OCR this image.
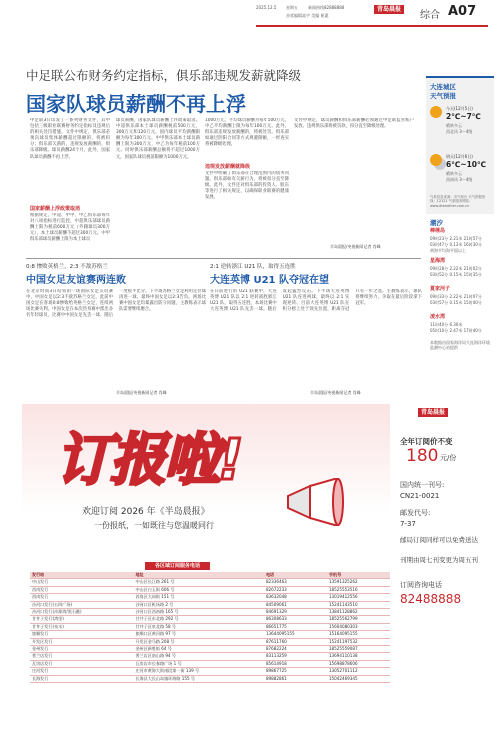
2025.12.5 星期五	新闻热线82888888
首席编辑高宇 美编 崔惠
青岛晨报
综合 A07
中足联公布财务约定指标，俱乐部违规发薪就降级
国家队球员薪酬不再上浮
中足联3日印发了一系列财务文件，其中包括三级职业联赛财务约定指标及违规后的相关处罚措施。文件中规定，俱乐部必须向球员集体薪酬超过限额的，将被扣分；俱乐部欠薪的，违规发放薪酬的，俱乐部降级。球员薪酬24个月，此外，国家队球员薪酬不再上浮。
国家薪酬上浮政策取消
根据规定，中超、中甲、中乙俱乐部每年对八项指标进行监控，中超俱乐部球员薪酬上限为税前600万元（外籍球员300万元），本土球员薪酬不超过300万元。中甲俱乐部球员薪酬上限为本土球员
球员薪酬，国家队球员薪酬上浮政策取消。中超俱乐部本土球员薪酬税前500万元，300万元和120万元。国内球员平均薪酬限额为每年300万元。中甲俱乐部本土球员薪酬上限为300万元，中乙为每年税前100万元。同时俱乐部薪酬总额将不超过1000万元，国家队球员税前限额为1000万元。
1000万元，平均球员薪酬为每年500万元，中乙平均薪酬上限为每年100万元。此外，俱乐部违规发放薪酬的，将被处罚。俱乐部如通过阴阳合同等方式规避限额，一经查实将被降级处理。
违规发放薪酬就降级
文件中明确了俱乐部在合理范围内的债务问题。俱乐部如有欠薪行为，将被扣分直至降级。此外，文件还对俱乐部的投资人、股东等进行了相关规定，以确保职业联赛的健康发展。
文件中规定，球员薪酬和俱乐部薪酬必须通过中足联监管账户发放。违规俱乐部将被罚款、扣分直至降级处理。
半岛晨报/央视新闻记者 肖峰
大连城区
天气预报
今天(12月5日)
2℃~7℃
晴转多云
西北风 3～4级
明天(12月6日)
6℃~10℃
晴转多云
西南风 3～4级
气象信息来源：市气象台 天气预报热线：12121 气象服务网站：www.dlweather.com.cn
潮汐
棒棰岛
09时23分 2.21米 21时57分
03时47分 0.13米 16时30分
黄海平均海平面以上
星海湾
09时28分 2.22米 21时02分
03时52分 0.15米 15时35分
夏家河子
09时33分 2.22米 21时07分
03时57分 0.15米 15时40分
凌水湾
11时40分 6.30米
05时10分 2.47米 17时40分
本数据由国家海洋局大连海洋环境监测中心站提供
0:8 惨败英格兰，2:3 不敌苏格兰
中国女足友谊赛两连败
在北京时间3日结束的一场国际女足友谊赛中，中国女足以2:3不敌苏格兰女足。此前中国女足在客场0:8惨败给英格兰女足，连续两场比赛失利。中国女足在本次热身赛中派出多名年轻球员，比赛中中国女足先丢一球，随后一度扳平比分。下半场苏格兰女足利用定位球再进一球，最终中国女足以2:3告负。两场比赛中国女足均暴露出防守问题，主教练表示球队需要继续磨合。
半岛晨报/央视新闻记者 肖峰
2:1 逆转浙江 U21 队，取得五连胜
大连英博 U21 队夺冠在望
在日前进行的 U21 联赛中，大连英博 U21 队以 2:1 逆转战胜浙江 U21 队，取得五连胜。本场比赛中大连英博 U21 队先丢一球，随后发起猛烈反击。下半场大连英博 U21 队连进两球，最终以 2:1 实现逆转。目前大连英博 U21 队在积分榜上处于领先位置，距离夺冠只有一步之遥。主教练表示，球队将继续努力，争取在最后阶段拿下冠军。
半岛晨报/央视新闻记者 肖峰
订报啦!
欢迎订阅 2026 年《半岛晨报》
一份报纸，一如既往与您温暖同行
各区域订阅服务电话
发行站	地址	电话	手机号
中山发行	中山区长江路 261 号	82336463	13591325262
西岗发行	中山区白玉街 606 号	82672233	18525553516
西岗发行	西岗区大同街 151 号	83632048	13019412556
沙河口发行(五四广场)	沙河口区机场路 2 号	84509061	15241143510
沙河口发行(沙源湾/黑石礁)	沙河口区西南路 165 号	84691329	13841128862
甘井子发行(湾里)	甘井子区东北路 292 号	86308633	18525562799
甘井子发行(泉水)	甘井子区泉北路 58 号	86651775	15604080303
旅顺发行	旅顺口区黄河路 97 号	13644095155	15164095155
开发区发行	开发区金马路 208 号	87611760	15241197532
金州发行	金州区新胜街 64 号	87682224	18525559087
普兰店发行	普兰店区南山路 94 号	83113259	13694110138
瓦房店发行	瓦房店市长春路广场 1 号	85614918	15698878606
庄河发行	庄河市黄海大街南段第一街 139 号	89867725	13052701112
长海发行	长海县大长山岛镇环海路 155 号	89882861	15042469345
青岛晨报
全年订阅价不变
180 元/份
国内统一刊号:
CN21-0021
邮发代号:
7-37
邮局订阅同样可以免费送达
刊期由周七刊变更为周五刊
订阅咨询电话
82488888
